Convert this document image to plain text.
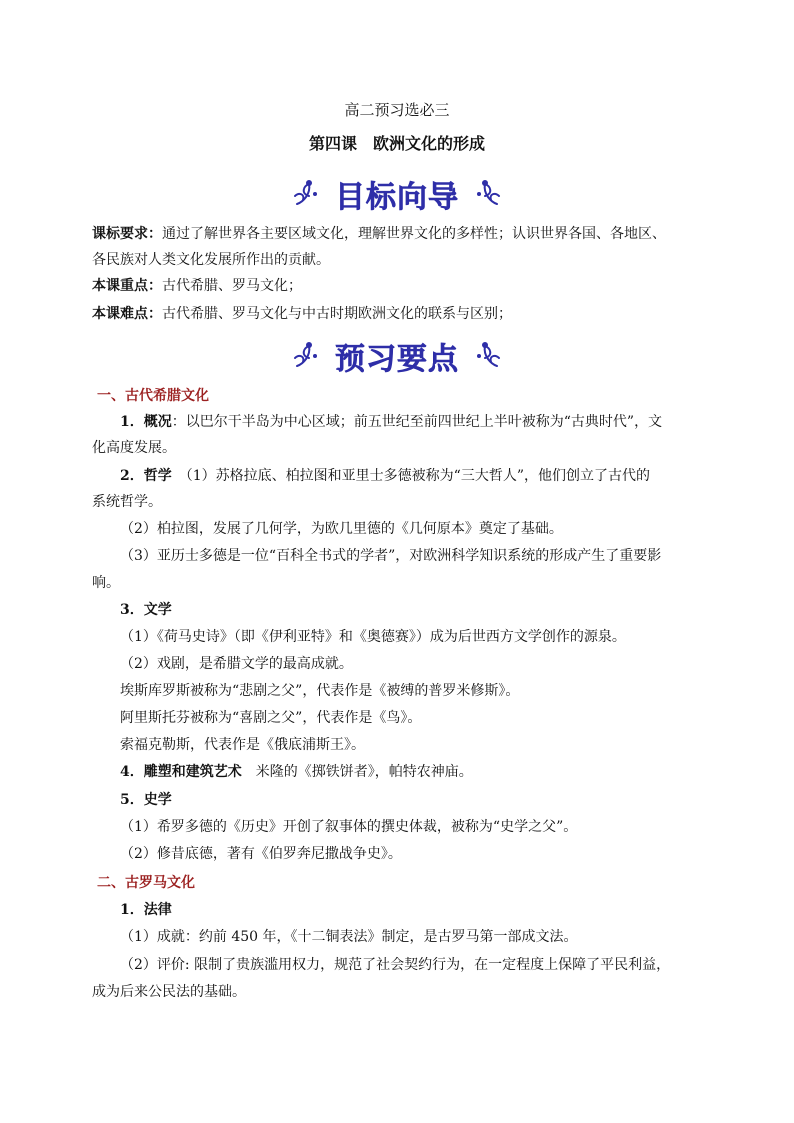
高二预习选必三
第四课　欧洲文化的形成
目标向导
课标要求：通过了解世界各主要区域文化，理解世界文化的多样性；认识世界各国、各地区、
各民族对人类文化发展所作出的贡献。
本课重点：古代希腊、罗马文化；
本课难点：古代希腊、罗马文化与中古时期欧洲文化的联系与区别；
预习要点
一、古代希腊文化
1．概况：以巴尔干半岛为中心区域；前五世纪至前四世纪上半叶被称为“古典时代”，文
化高度发展。
2．哲学　（1）苏格拉底、柏拉图和亚里士多德被称为“三大哲人”，他们创立了古代的
系统哲学。
（2）柏拉图，发展了几何学，为欧几里德的《几何原本》奠定了基础。
（3）亚历士多德是一位“百科全书式的学者”，对欧洲科学知识系统的形成产生了重要影
响。
3．文学
（1）《荷马史诗》（即《伊利亚特》和《奥德赛》）成为后世西方文学创作的源泉。
（2）戏剧，是希腊文学的最高成就。
埃斯库罗斯被称为“悲剧之父”，代表作是《被缚的普罗米修斯》。
阿里斯托芬被称为“喜剧之父”，代表作是《鸟》。
索福克勒斯，代表作是《俄底浦斯王》。
4．雕塑和建筑艺术　米隆的《掷铁饼者》，帕特农神庙。
5．史学
（1）希罗多德的《历史》开创了叙事体的撰史体裁，被称为“史学之父”。
（2）修昔底德，著有《伯罗奔尼撒战争史》。
二、古罗马文化
1．法律
（1）成就：约前 450 年，《十二铜表法》制定，是古罗马第一部成文法。
（2）评价: 限制了贵族滥用权力，规范了社会契约行为，在一定程度上保障了平民利益，
成为后来公民法的基础。
